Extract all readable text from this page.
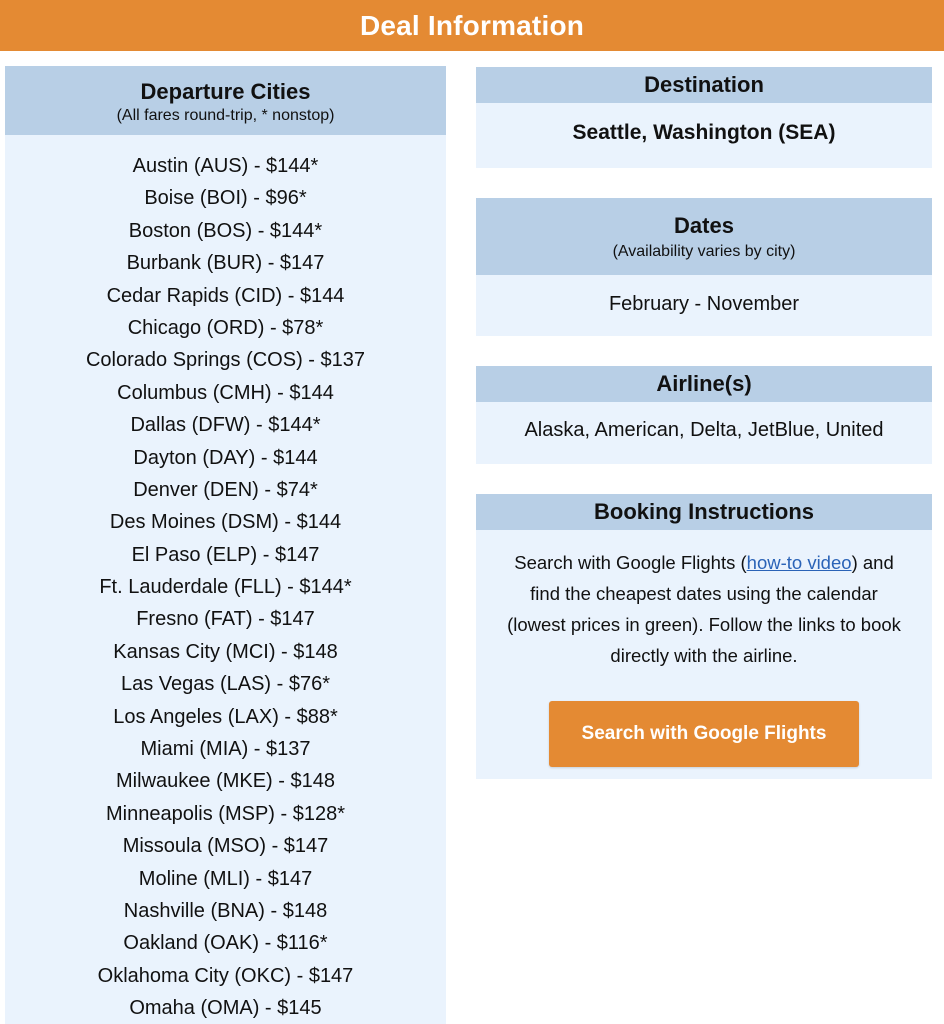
Deal Information
Departure Cities

(All fares round-trip, * nonstop)

Austin (AUS) - $144*
Boise (BOI) - $96*
Boston (BOS) - $144*
Burbank (BUR) - $147
Cedar Rapids (CID) - $144
Chicago (ORD) - $78*
Colorado Springs (COS) - $137
Columbus (CMH) - $144
Dallas (DFW) - $144*
Dayton (DAY) - $144
Denver (DEN) - $74*
Des Moines (DSM) - $144
El Paso (ELP) - $147
Ft. Lauderdale (FLL) - $144*
Fresno (FAT) - $147
Kansas City (MCI) - $148
Las Vegas (LAS) - $76*
Los Angeles (LAX) - $88*
Miami (MIA) - $137
Milwaukee (MKE) - $148
Minneapolis (MSP) - $128*
Missoula (MSO) - $147
Moline (MLI) - $147
Nashville (BNA) - $148
Oakland (OAK) - $116*
Oklahoma City (OKC) - $147
Omaha (OMA) - $145
Destination
Seattle, Washington (SEA)
Dates

(Availability varies by city)

February - November
Airline(s)
Alaska, American, Delta, JetBlue, United
Booking Instructions
Search with Google Flights (how-to video) and find the cheapest dates using the calendar (lowest prices in green). Follow the links to book directly with the airline.
Search with Google Flights
